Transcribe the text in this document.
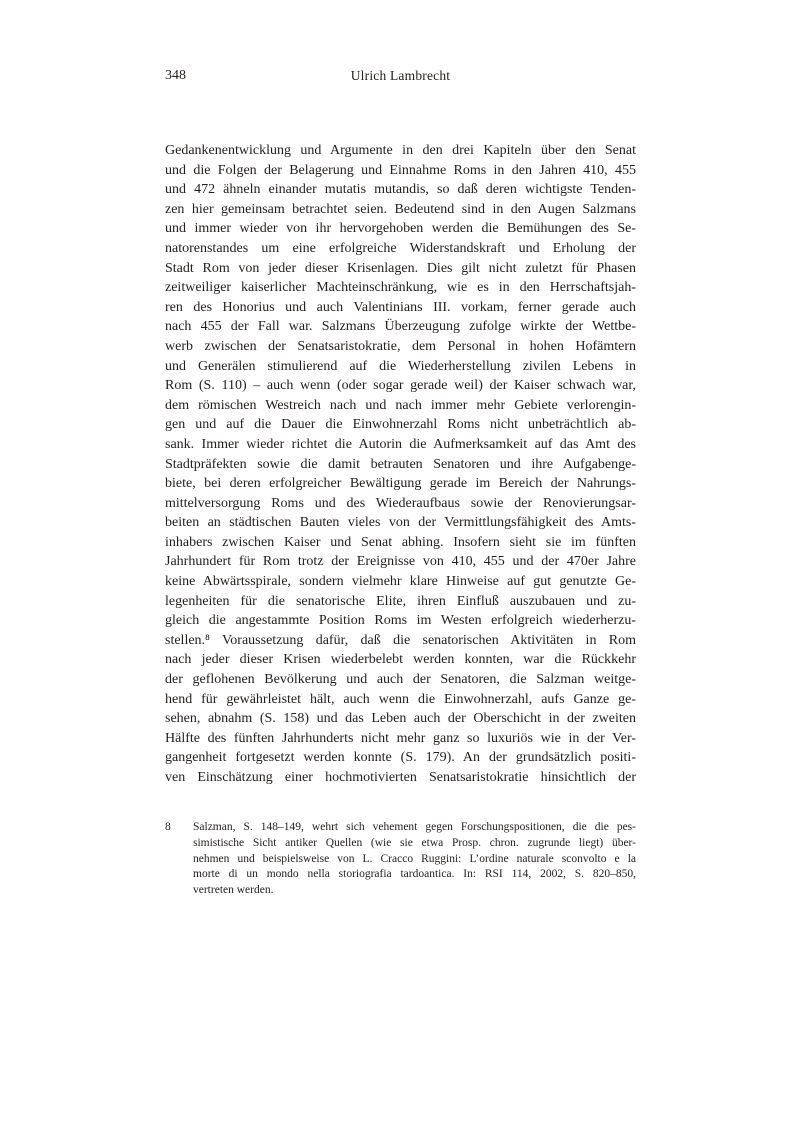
348	Ulrich Lambrecht
Gedankenentwicklung und Argumente in den drei Kapiteln über den Senat
und die Folgen der Belagerung und Einnahme Roms in den Jahren 410, 455
und 472 ähneln einander mutatis mutandis, so daß deren wichtigste Tenden-
zen hier gemeinsam betrachtet seien. Bedeutend sind in den Augen Salzmans
und immer wieder von ihr hervorgehoben werden die Bemühungen des Se-
natorenstandes um eine erfolgreiche Widerstandskraft und Erholung der
Stadt Rom von jeder dieser Krisenlagen. Dies gilt nicht zuletzt für Phasen
zeitweiliger kaiserlicher Machteinschränkung, wie es in den Herrschaftsjah-
ren des Honorius und auch Valentinians III. vorkam, ferner gerade auch
nach 455 der Fall war. Salzmans Überzeugung zufolge wirkte der Wettbe-
werb zwischen der Senatsaristokratie, dem Personal in hohen Hofämtern
und Generälen stimulierend auf die Wiederherstellung zivilen Lebens in
Rom (S. 110) – auch wenn (oder sogar gerade weil) der Kaiser schwach war,
dem römischen Westreich nach und nach immer mehr Gebiete verlorengin-
gen und auf die Dauer die Einwohnerzahl Roms nicht unbeträchtlich ab-
sank. Immer wieder richtet die Autorin die Aufmerksamkeit auf das Amt des
Stadtpräfekten sowie die damit betrauten Senatoren und ihre Aufgabenge-
biete, bei deren erfolgreicher Bewältigung gerade im Bereich der Nahrungs-
mittelversorgung Roms und des Wiederaufbaus sowie der Renovierungsar-
beiten an städtischen Bauten vieles von der Vermittlungsfähigkeit des Amts-
inhabers zwischen Kaiser und Senat abhing. Insofern sieht sie im fünften
Jahrhundert für Rom trotz der Ereignisse von 410, 455 und der 470er Jahre
keine Abwärtsspirale, sondern vielmehr klare Hinweise auf gut genutzte Ge-
legenheiten für die senatorische Elite, ihren Einfluß auszubauen und zu-
gleich die angestammte Position Roms im Westen erfolgreich wiederherzu-
stellen.⁸ Voraussetzung dafür, daß die senatorischen Aktivitäten in Rom
nach jeder dieser Krisen wiederbelebt werden konnten, war die Rückkehr
der geflohenen Bevölkerung und auch der Senatoren, die Salzman weitge-
hend für gewährleistet hält, auch wenn die Einwohnerzahl, aufs Ganze ge-
sehen, abnahm (S. 158) und das Leben auch der Oberschicht in der zweiten
Hälfte des fünften Jahrhunderts nicht mehr ganz so luxuriös wie in der Ver-
gangenheit fortgesetzt werden konnte (S. 179). An der grundsätzlich positi-
ven Einschätzung einer hochmotivierten Senatsaristokratie hinsichtlich der
8 Salzman, S. 148–149, wehrt sich vehement gegen Forschungspositionen, die die pes-
simistische Sicht antiker Quellen (wie sie etwa Prosp. chron. zugrunde liegt) über-
nehmen und beispielsweise von L. Cracco Ruggini: L’ordine naturale sconvolto e la
morte di un mondo nella storiografia tardoantica. In: RSI 114, 2002, S. 820–850,
vertreten werden.
